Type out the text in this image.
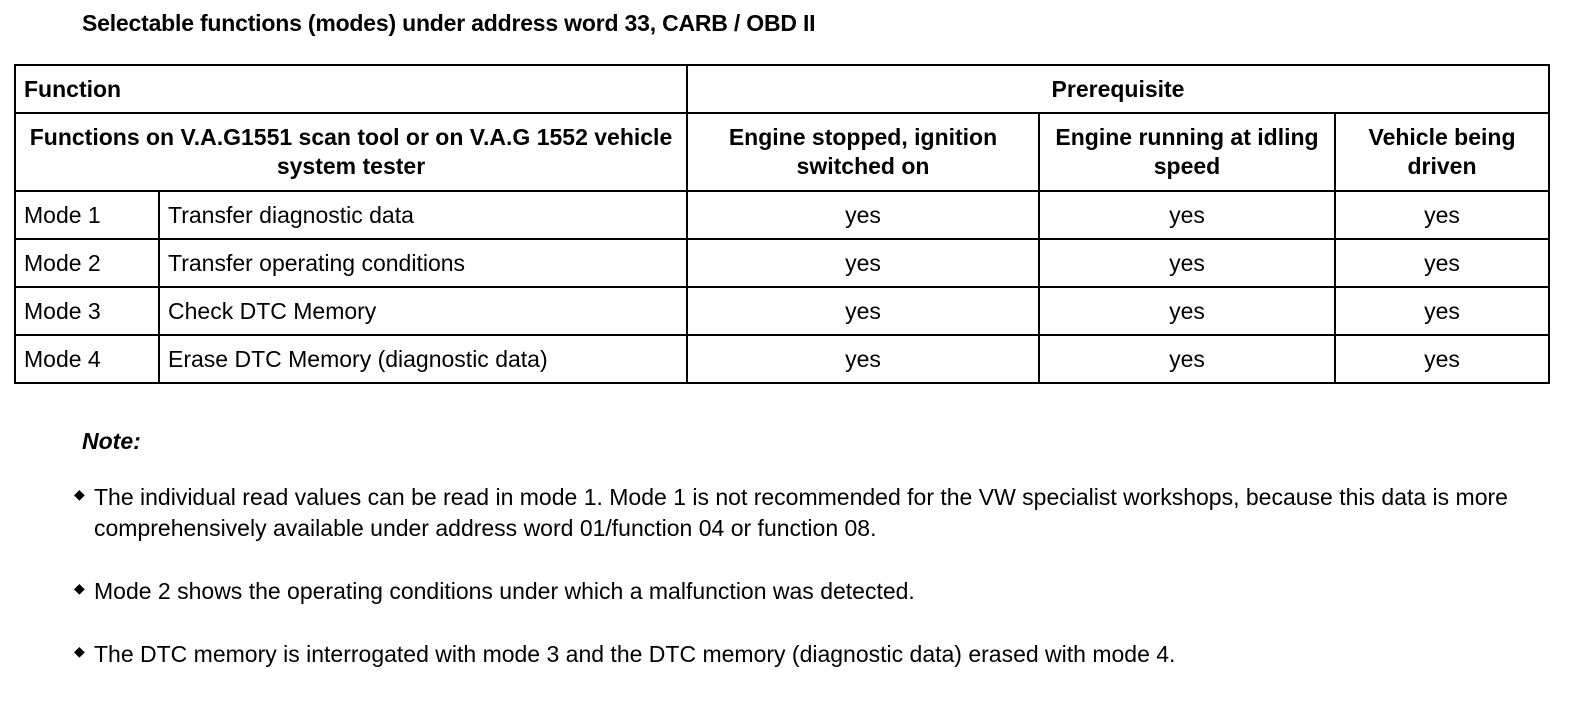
Selectable functions (modes) under address word 33, CARB / OBD II
Function		Prerequisite		
Functions on V.A.G1551 scan tool or on V.A.G 1552 vehicle system tester		Engine stopped, ignition switched on	Engine running at idling speed	Vehicle being driven
Mode 1	Transfer diagnostic data	yes	yes	yes
Mode 2	Transfer operating conditions	yes	yes	yes
Mode 3	Check DTC Memory	yes	yes	yes
Mode 4	Erase DTC Memory (diagnostic data)	yes	yes	yes
Note:
◆ The individual read values can be read in mode 1. Mode 1 is not recommended for the VW specialist workshops, because this data is more comprehensively available under address word 01/function 04 or function 08.
◆ Mode 2 shows the operating conditions under which a malfunction was detected.
◆ The DTC memory is interrogated with mode 3 and the DTC memory (diagnostic data) erased with mode 4.
